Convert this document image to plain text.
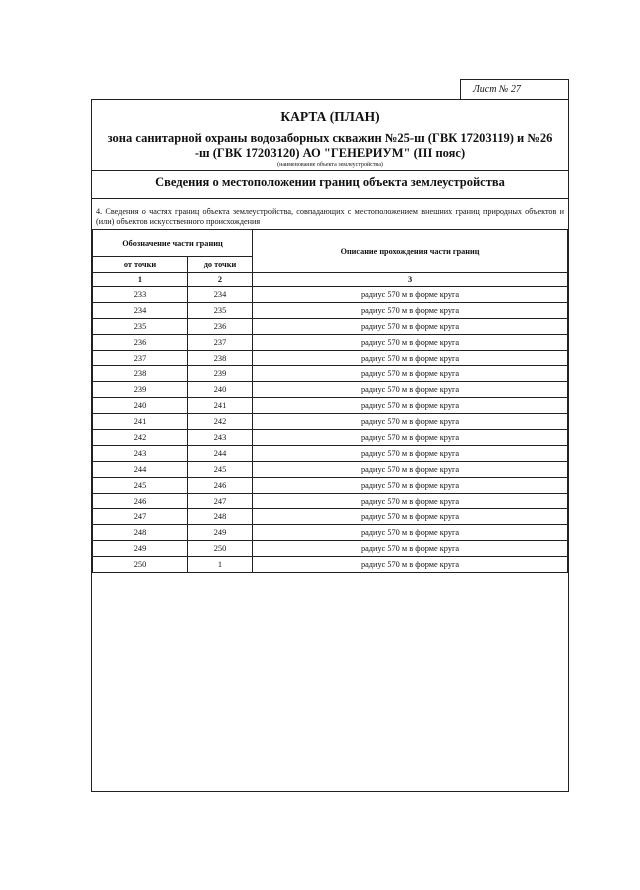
Лист № 27
КАРТА (ПЛАН)
зона санитарной охраны водозаборных скважин №25-ш (ГВК 17203119) и №26
-ш (ГВК 17203120) АО "ГЕНЕРИУМ" (III пояс)
(наименование объекта землеустройства)
Сведения о местоположении границ объекта землеустройства
4. Сведения о частях границ объекта землеустройства, совпадающих с местоположением внешних границ природных объектов и (или) объектов искусственного происхождения
Обозначение части границ		Описание прохождения части границ
от точки	до точки	
1	2	3
233	234	радиус 570 м в форме круга
234	235	радиус 570 м в форме круга
235	236	радиус 570 м в форме круга
236	237	радиус 570 м в форме круга
237	238	радиус 570 м в форме круга
238	239	радиус 570 м в форме круга
239	240	радиус 570 м в форме круга
240	241	радиус 570 м в форме круга
241	242	радиус 570 м в форме круга
242	243	радиус 570 м в форме круга
243	244	радиус 570 м в форме круга
244	245	радиус 570 м в форме круга
245	246	радиус 570 м в форме круга
246	247	радиус 570 м в форме круга
247	248	радиус 570 м в форме круга
248	249	радиус 570 м в форме круга
249	250	радиус 570 м в форме круга
250	1	радиус 570 м в форме круга
